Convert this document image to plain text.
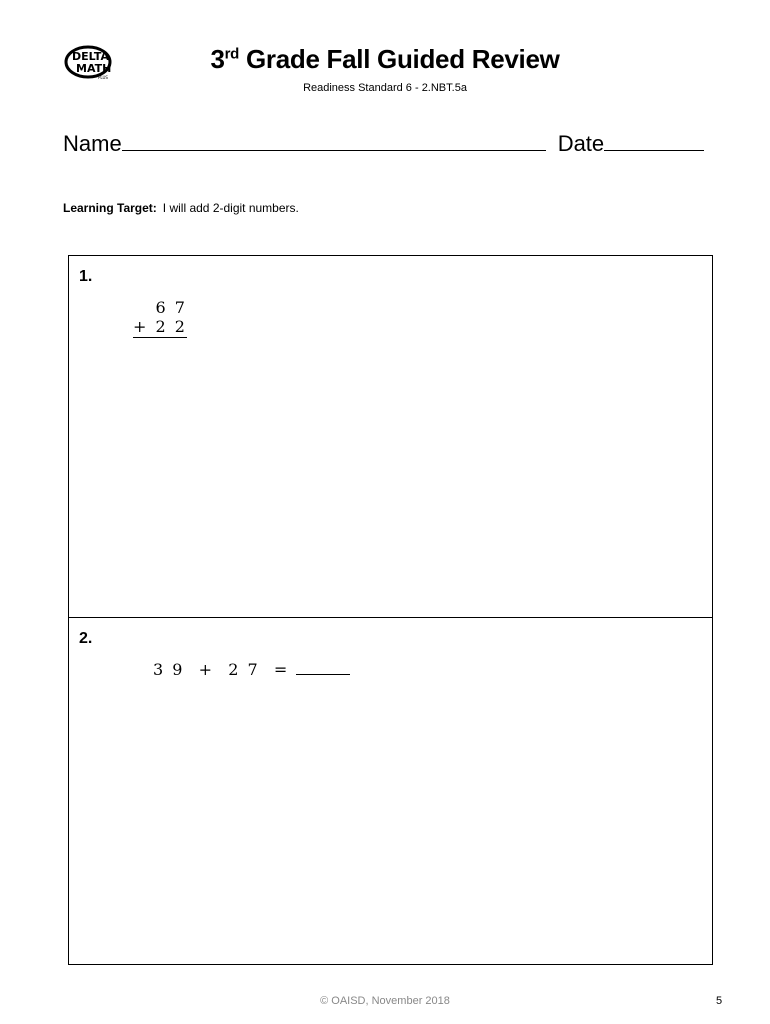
DELTA
MATH
PLUS
3rd Grade Fall Guided Review
Readiness Standard 6 - 2.NBT.5a
Name	Date
Learning Target: I will add 2-digit numbers.
1.
6 7
+ 2 2
2.
3 9  +  2 7  =
© OAISD, November 2018	5
